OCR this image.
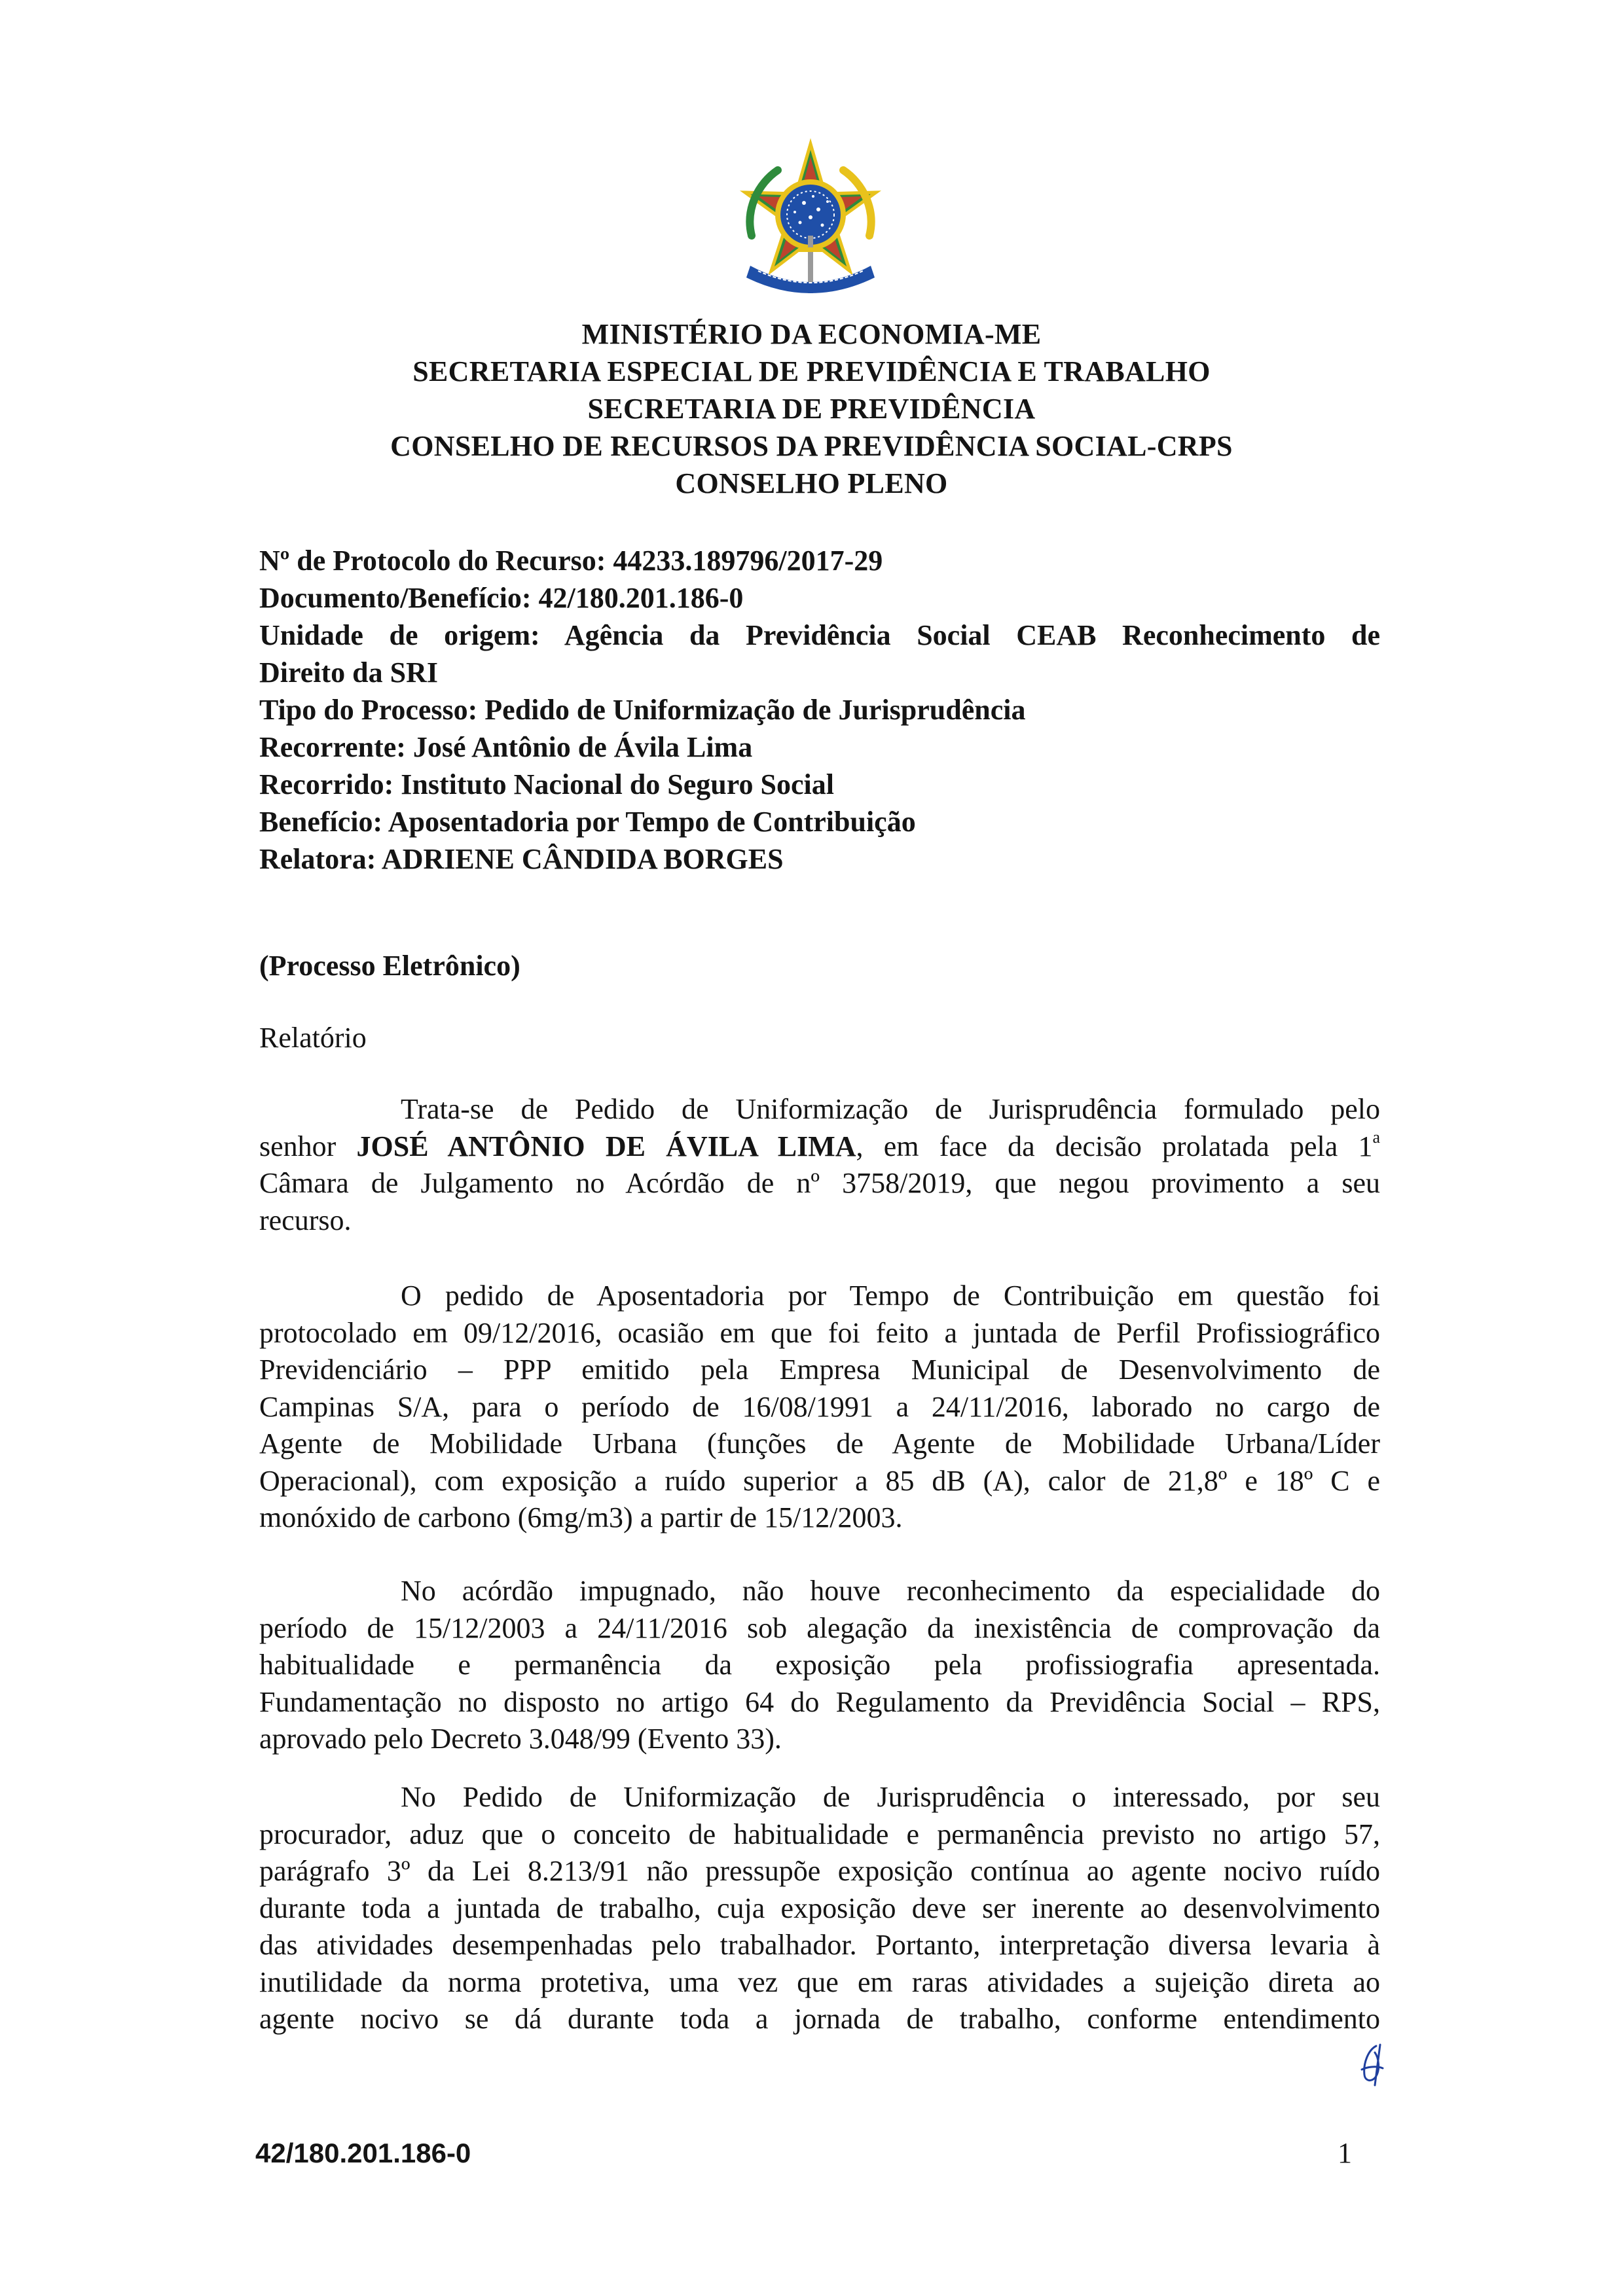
MINISTÉRIO DA ECONOMIA-ME
SECRETARIA ESPECIAL DE PREVIDÊNCIA E TRABALHO
SECRETARIA DE PREVIDÊNCIA
CONSELHO DE RECURSOS DA PREVIDÊNCIA SOCIAL-CRPS
CONSELHO PLENO
Nº de Protocolo do Recurso: 44233.189796/2017-29
Documento/Benefício: 42/180.201.186-0
Unidade de origem: Agência da Previdência Social CEAB Reconhecimento de
Direito da SRI
Tipo do Processo: Pedido de Uniformização de Jurisprudência
Recorrente: José Antônio de Ávila Lima
Recorrido: Instituto Nacional do Seguro Social
Benefício: Aposentadoria por Tempo de Contribuição
Relatora: ADRIENE CÂNDIDA BORGES
(Processo Eletrônico)
Relatório
Trata-se de Pedido de Uniformização de Jurisprudência formulado pelo
senhor JOSÉ ANTÔNIO DE ÁVILA LIMA, em face da decisão prolatada pela 1$^a$
Câmara de Julgamento no Acórdão de nº 3758/2019, que negou provimento a seu
recurso.
O pedido de Aposentadoria por Tempo de Contribuição em questão foi
protocolado em 09/12/2016, ocasião em que foi feito a juntada de Perfil Profissiográfico
Previdenciário – PPP emitido pela Empresa Municipal de Desenvolvimento de
Campinas S/A, para o período de 16/08/1991 a 24/11/2016, laborado no cargo de
Agente de Mobilidade Urbana (funções de Agente de Mobilidade Urbana/Líder
Operacional), com exposição a ruído superior a 85 dB (A), calor de 21,8º e 18º C e
monóxido de carbono (6mg/m3) a partir de 15/12/2003.
No acórdão impugnado, não houve reconhecimento da especialidade do
período de 15/12/2003 a 24/11/2016 sob alegação da inexistência de comprovação da
habitualidade e permanência da exposição pela profissiografia apresentada.
Fundamentação no disposto no artigo 64 do Regulamento da Previdência Social – RPS,
aprovado pelo Decreto 3.048/99 (Evento 33).
No Pedido de Uniformização de Jurisprudência o interessado, por seu
procurador, aduz que o conceito de habitualidade e permanência previsto no artigo 57,
parágrafo 3º da Lei 8.213/91 não pressupõe exposição contínua ao agente nocivo ruído
durante toda a juntada de trabalho, cuja exposição deve ser inerente ao desenvolvimento
das atividades desempenhadas pelo trabalhador. Portanto, interpretação diversa levaria à
inutilidade da norma protetiva, uma vez que em raras atividades a sujeição direta ao
agente nocivo se dá durante toda a jornada de trabalho, conforme entendimento
42/180.201.186-0	1
